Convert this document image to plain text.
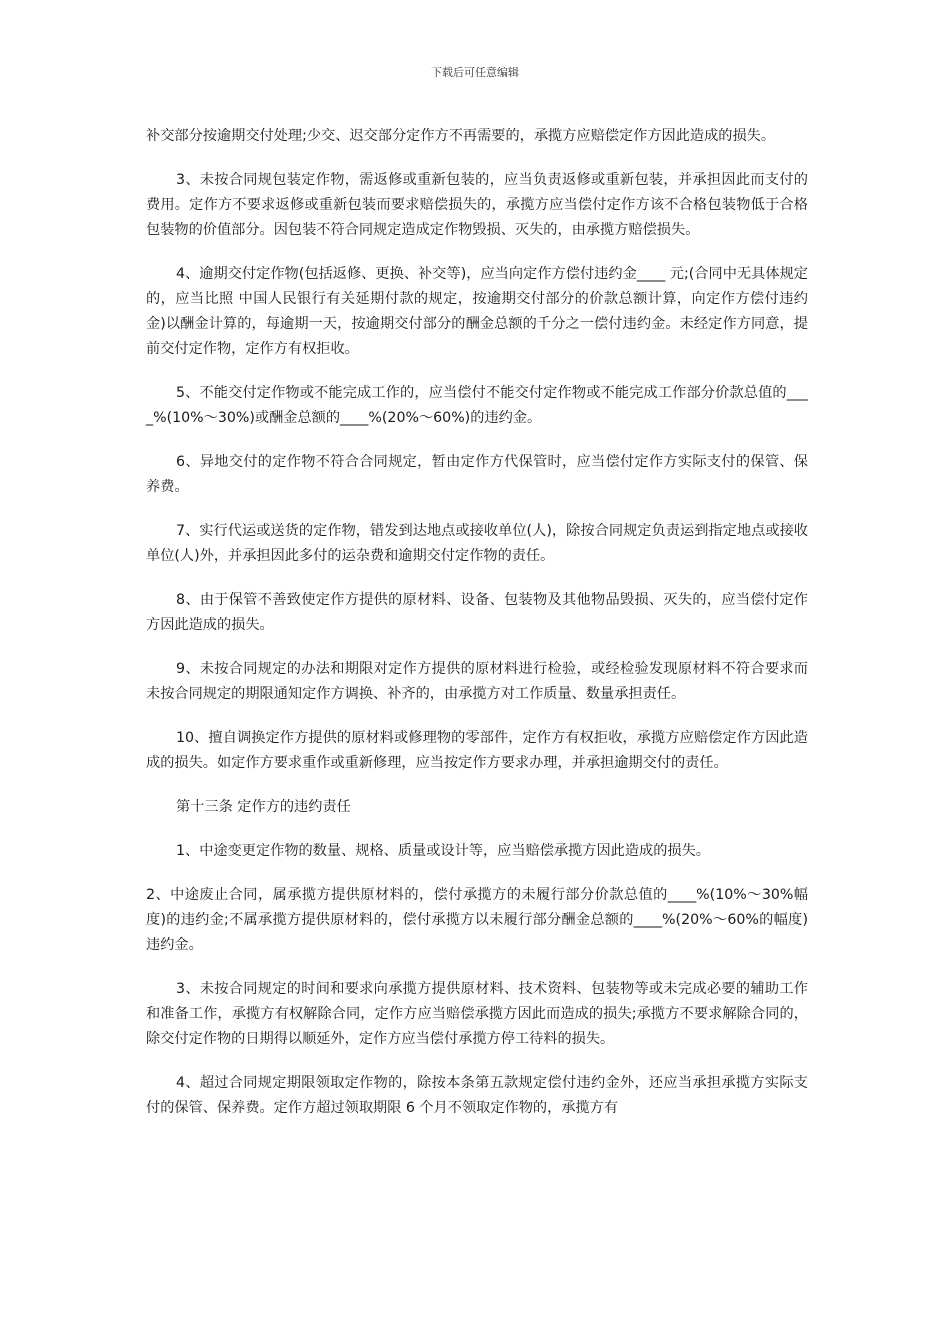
下载后可任意编辑

补交部分按逾期交付处理;少交、迟交部分定作方不再需要的，承揽方应赔偿定作方因此造成的损失。

3、未按合同规包装定作物，需返修或重新包装的，应当负责返修或重新包装，并承担因此而支付的费用。定作方不要求返修或重新包装而要求赔偿损失的，承揽方应当偿付定作方该不合格包装物低于合格包装物的价值部分。因包装不符合同规定造成定作物毁损、灭失的，由承揽方赔偿损失。

4、逾期交付定作物(包括返修、更换、补交等)，应当向定作方偿付违约金____ 元;(合同中无具体规定的，应当比照 中国人民银行有关延期付款的规定，按逾期交付部分的价款总额计算，向定作方偿付违约金)以酬金计算的，每逾期一天，按逾期交付部分的酬金总额的千分之一偿付违约金。未经定作方同意，提前交付定作物，定作方有权拒收。

5、不能交付定作物或不能完成工作的，应当偿付不能交付定作物或不能完成工作部分价款总值的____%(10%～30%)或酬金总额的____%(20%～60%)的违约金。

6、异地交付的定作物不符合合同规定，暂由定作方代保管时，应当偿付定作方实际支付的保管、保养费。

7、实行代运或送货的定作物，错发到达地点或接收单位(人)，除按合同规定负责运到指定地点或接收单位(人)外，并承担因此多付的运杂费和逾期交付定作物的责任。

8、由于保管不善致使定作方提供的原材料、设备、包装物及其他物品毁损、灭失的，应当偿付定作方因此造成的损失。

9、未按合同规定的办法和期限对定作方提供的原材料进行检验，或经检验发现原材料不符合要求而未按合同规定的期限通知定作方调换、补齐的，由承揽方对工作质量、数量承担责任。

10、擅自调换定作方提供的原材料或修理物的零部件，定作方有权拒收，承揽方应赔偿定作方因此造成的损失。如定作方要求重作或重新修理，应当按定作方要求办理，并承担逾期交付的责任。

第十三条 定作方的违约责任

1、中途变更定作物的数量、规格、质量或设计等，应当赔偿承揽方因此造成的损失。

2、中途废止合同，属承揽方提供原材料的，偿付承揽方的未履行部分价款总值的____%(10%～30%幅度)的违约金;不属承揽方提供原材料的，偿付承揽方以未履行部分酬金总额的____%(20%～60%的幅度)违约金。

3、未按合同规定的时间和要求向承揽方提供原材料、技术资料、包装物等或未完成必要的辅助工作和准备工作，承揽方有权解除合同，定作方应当赔偿承揽方因此而造成的损失;承揽方不要求解除合同的，除交付定作物的日期得以顺延外，定作方应当偿付承揽方停工待料的损失。

4、超过合同规定期限领取定作物的，除按本条第五款规定偿付违约金外，还应当承担承揽方实际支付的保管、保养费。定作方超过领取期限 6 个月不领取定作物的，承揽方有
